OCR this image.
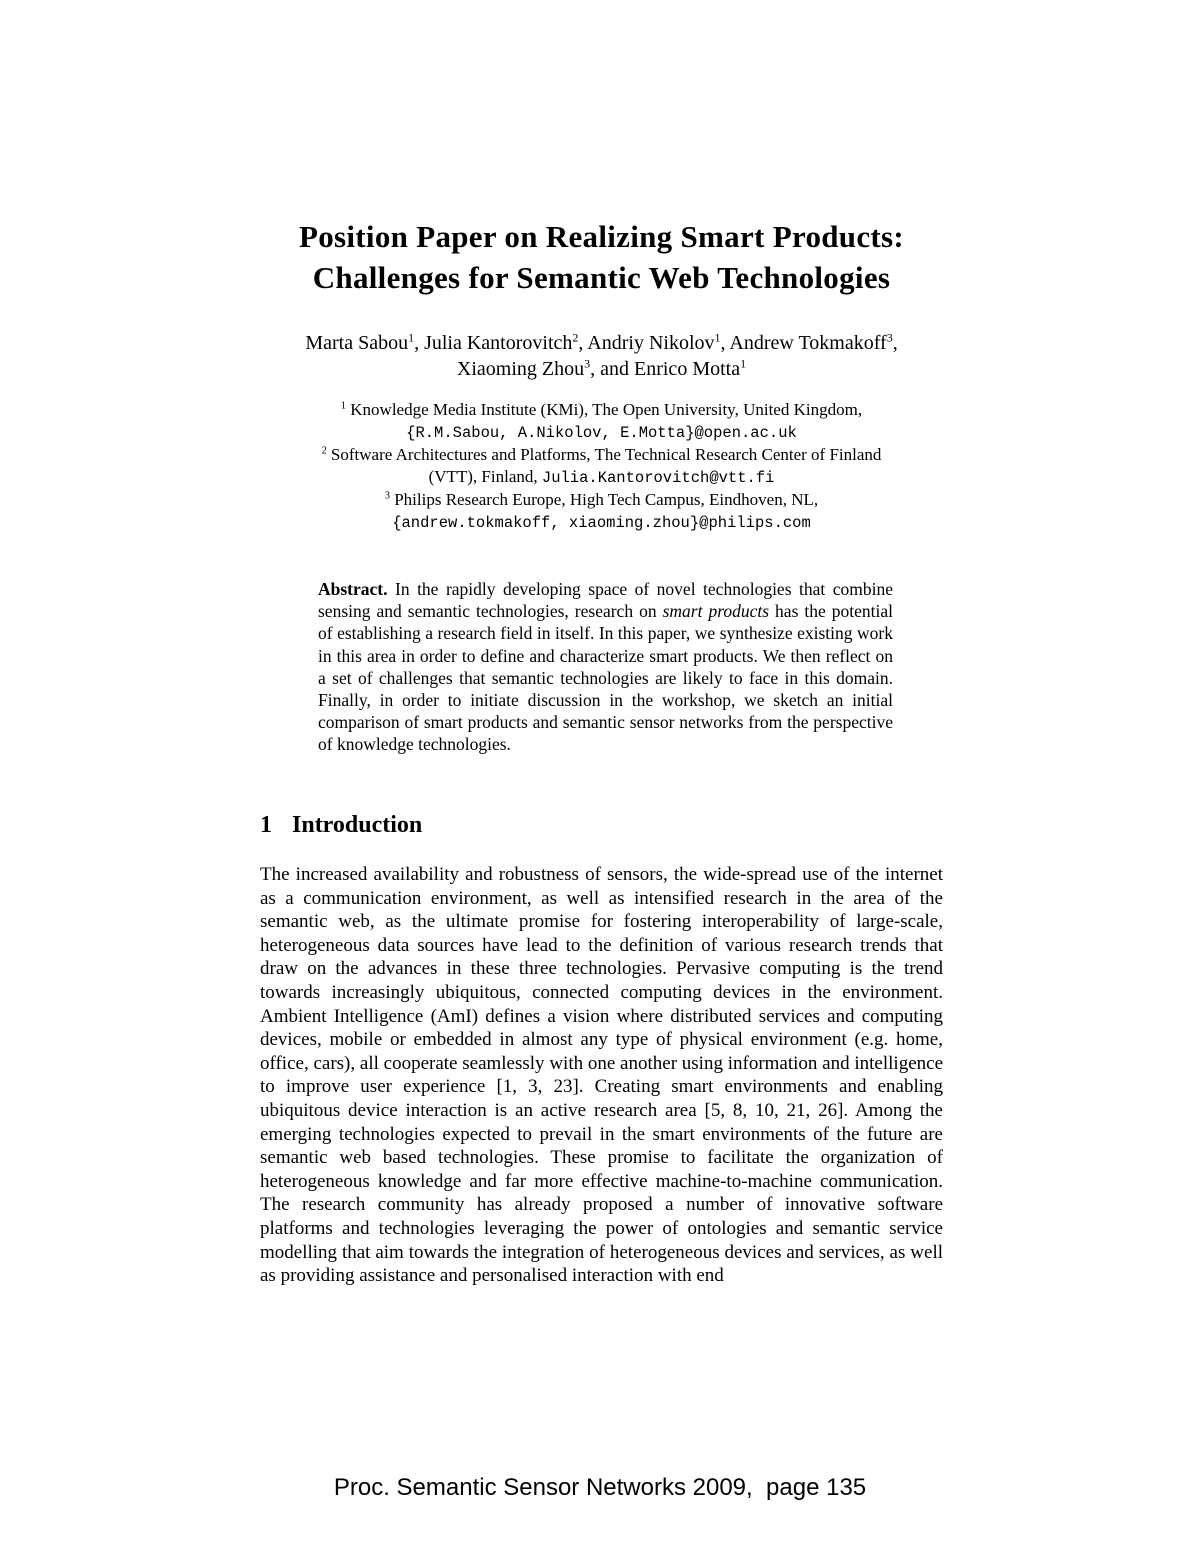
Position Paper on Realizing Smart Products:
Challenges for Semantic Web Technologies
Marta Sabou$^1$, Julia Kantorovitch$^2$, Andriy Nikolov$^1$, Andrew Tokmakoff$^3$,
Xiaoming Zhou$^3$, and Enrico Motta$^1$
$^1$ Knowledge Media Institute (KMi), The Open University, United Kingdom,
{R.M.Sabou, A.Nikolov, E.Motta}@open.ac.uk
$^2$ Software Architectures and Platforms, The Technical Research Center of Finland
(VTT), Finland, Julia.Kantorovitch@vtt.fi
$^3$ Philips Research Europe, High Tech Campus, Eindhoven, NL,
{andrew.tokmakoff, xiaoming.zhou}@philips.com
Abstract. In the rapidly developing space of novel technologies that combine sensing and semantic technologies, research on smart products has the potential of establishing a research field in itself. In this paper, we synthesize existing work in this area in order to define and characterize smart products. We then reflect on a set of challenges that semantic technologies are likely to face in this domain. Finally, in order to initiate discussion in the workshop, we sketch an initial comparison of smart products and semantic sensor networks from the perspective of knowledge technologies.
1 Introduction
The increased availability and robustness of sensors, the wide-spread use of the internet as a communication environment, as well as intensified research in the area of the semantic web, as the ultimate promise for fostering interoperability of large-scale, heterogeneous data sources have lead to the definition of various research trends that draw on the advances in these three technologies. Pervasive computing is the trend towards increasingly ubiquitous, connected computing devices in the environment. Ambient Intelligence (AmI) defines a vision where distributed services and computing devices, mobile or embedded in almost any type of physical environment (e.g. home, office, cars), all cooperate seamlessly with one another using information and intelligence to improve user experience [1, 3, 23]. Creating smart environments and enabling ubiquitous device interaction is an active research area [5, 8, 10, 21, 26]. Among the emerging technologies expected to prevail in the smart environments of the future are semantic web based technologies. These promise to facilitate the organization of heterogeneous knowledge and far more effective machine-to-machine communication. The research community has already proposed a number of innovative software platforms and technologies leveraging the power of ontologies and semantic service modelling that aim towards the integration of heterogeneous devices and services, as well as providing assistance and personalised interaction with end
Proc. Semantic Sensor Networks 2009,  page 135
